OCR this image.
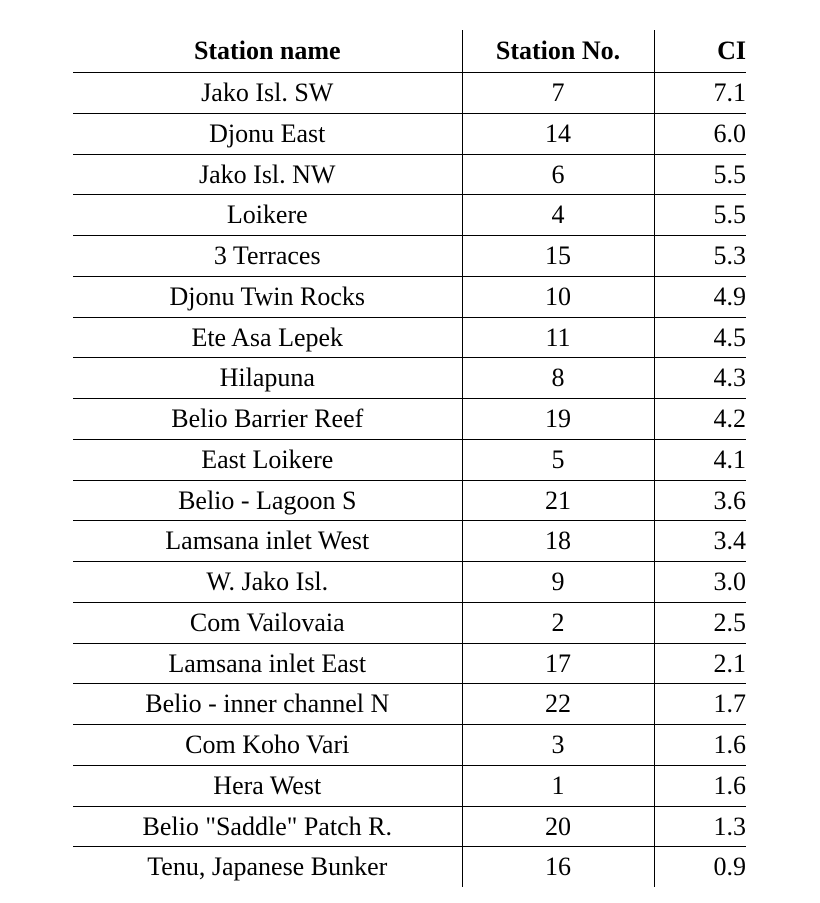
Station name	Station No.	CI
Jako Isl. SW	7	7.1
Djonu East	14	6.0
Jako Isl. NW	6	5.5
Loikere	4	5.5
3 Terraces	15	5.3
Djonu Twin Rocks	10	4.9
Ete Asa Lepek	11	4.5
Hilapuna	8	4.3
Belio Barrier Reef	19	4.2
East Loikere	5	4.1
Belio - Lagoon S	21	3.6
Lamsana inlet West	18	3.4
W. Jako Isl.	9	3.0
Com Vailovaia	2	2.5
Lamsana inlet East	17	2.1
Belio - inner channel N	22	1.7
Com Koho Vari	3	1.6
Hera West	1	1.6
Belio "Saddle" Patch R.	20	1.3
Tenu, Japanese Bunker	16	0.9
